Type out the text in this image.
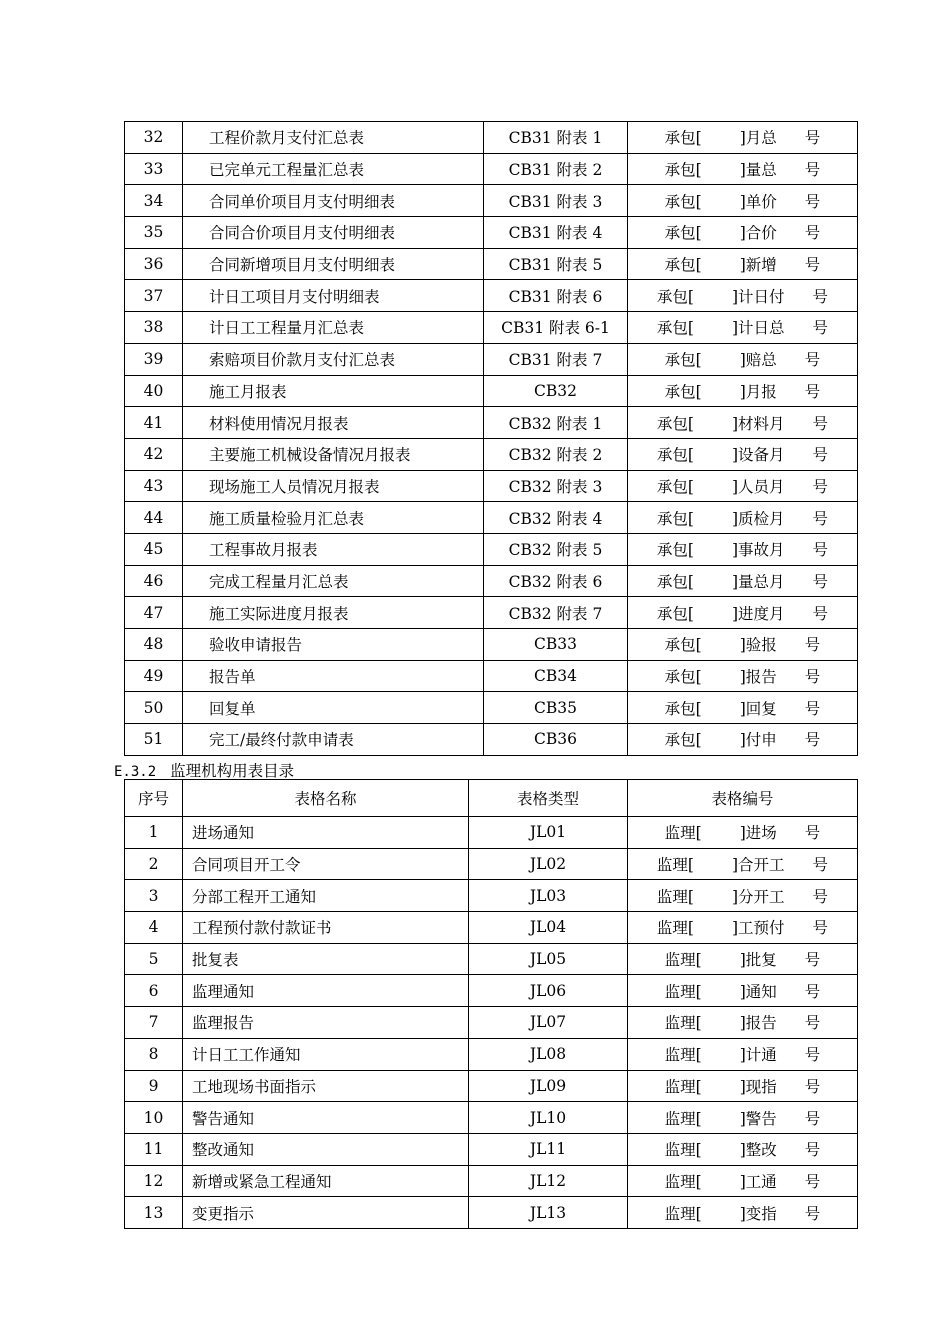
32	工程价款月支付汇总表	CB31 附表 1	承包[ ]月总 号

33	已完单元工程量汇总表	CB31 附表 2	承包[ ]量总 号

34	合同单价项目月支付明细表	CB31 附表 3	承包[ ]单价 号

35	合同合价项目月支付明细表	CB31 附表 4	承包[ ]合价 号

36	合同新增项目月支付明细表	CB31 附表 5	承包[ ]新增 号

37	计日工项目月支付明细表	CB31 附表 6	承包[ ]计日付 号

38	计日工工程量月汇总表	CB31 附表 6-1	承包[ ]计日总 号

39	索赔项目价款月支付汇总表	CB31 附表 7	承包[ ]赔总 号

40	施工月报表	CB32	承包[ ]月报 号

41	材料使用情况月报表	CB32 附表 1	承包[ ]材料月 号

42	主要施工机械设备情况月报表	CB32 附表 2	承包[ ]设备月 号

43	现场施工人员情况月报表	CB32 附表 3	承包[ ]人员月 号

44	施工质量检验月汇总表	CB32 附表 4	承包[ ]质检月 号

45	工程事故月报表	CB32 附表 5	承包[ ]事故月 号

46	完成工程量月汇总表	CB32 附表 6	承包[ ]量总月 号

47	施工实际进度月报表	CB32 附表 7	承包[ ]进度月 号

48	验收申请报告	CB33	承包[ ]验报 号

49	报告单	CB34	承包[ ]报告 号

50	回复单	CB35	承包[ ]回复 号

51	完工/最终付款申请表	CB36	承包[ ]付申 号
E.3.2 监理机构用表目录
序号	表格名称	表格类型	表格编号
1	进场通知	JL01	监理[ ]进场 号

2	合同项目开工令	JL02	监理[ ]合开工 号

3	分部工程开工通知	JL03	监理[ ]分开工 号

4	工程预付款付款证书	JL04	监理[ ]工预付 号

5	批复表	JL05	监理[ ]批复 号

6	监理通知	JL06	监理[ ]通知 号

7	监理报告	JL07	监理[ ]报告 号

8	计日工工作通知	JL08	监理[ ]计通 号

9	工地现场书面指示	JL09	监理[ ]现指 号

10	警告通知	JL10	监理[ ]警告 号

11	整改通知	JL11	监理[ ]整改 号

12	新增或紧急工程通知	JL12	监理[ ]工通 号

13	变更指示	JL13	监理[ ]变指 号
